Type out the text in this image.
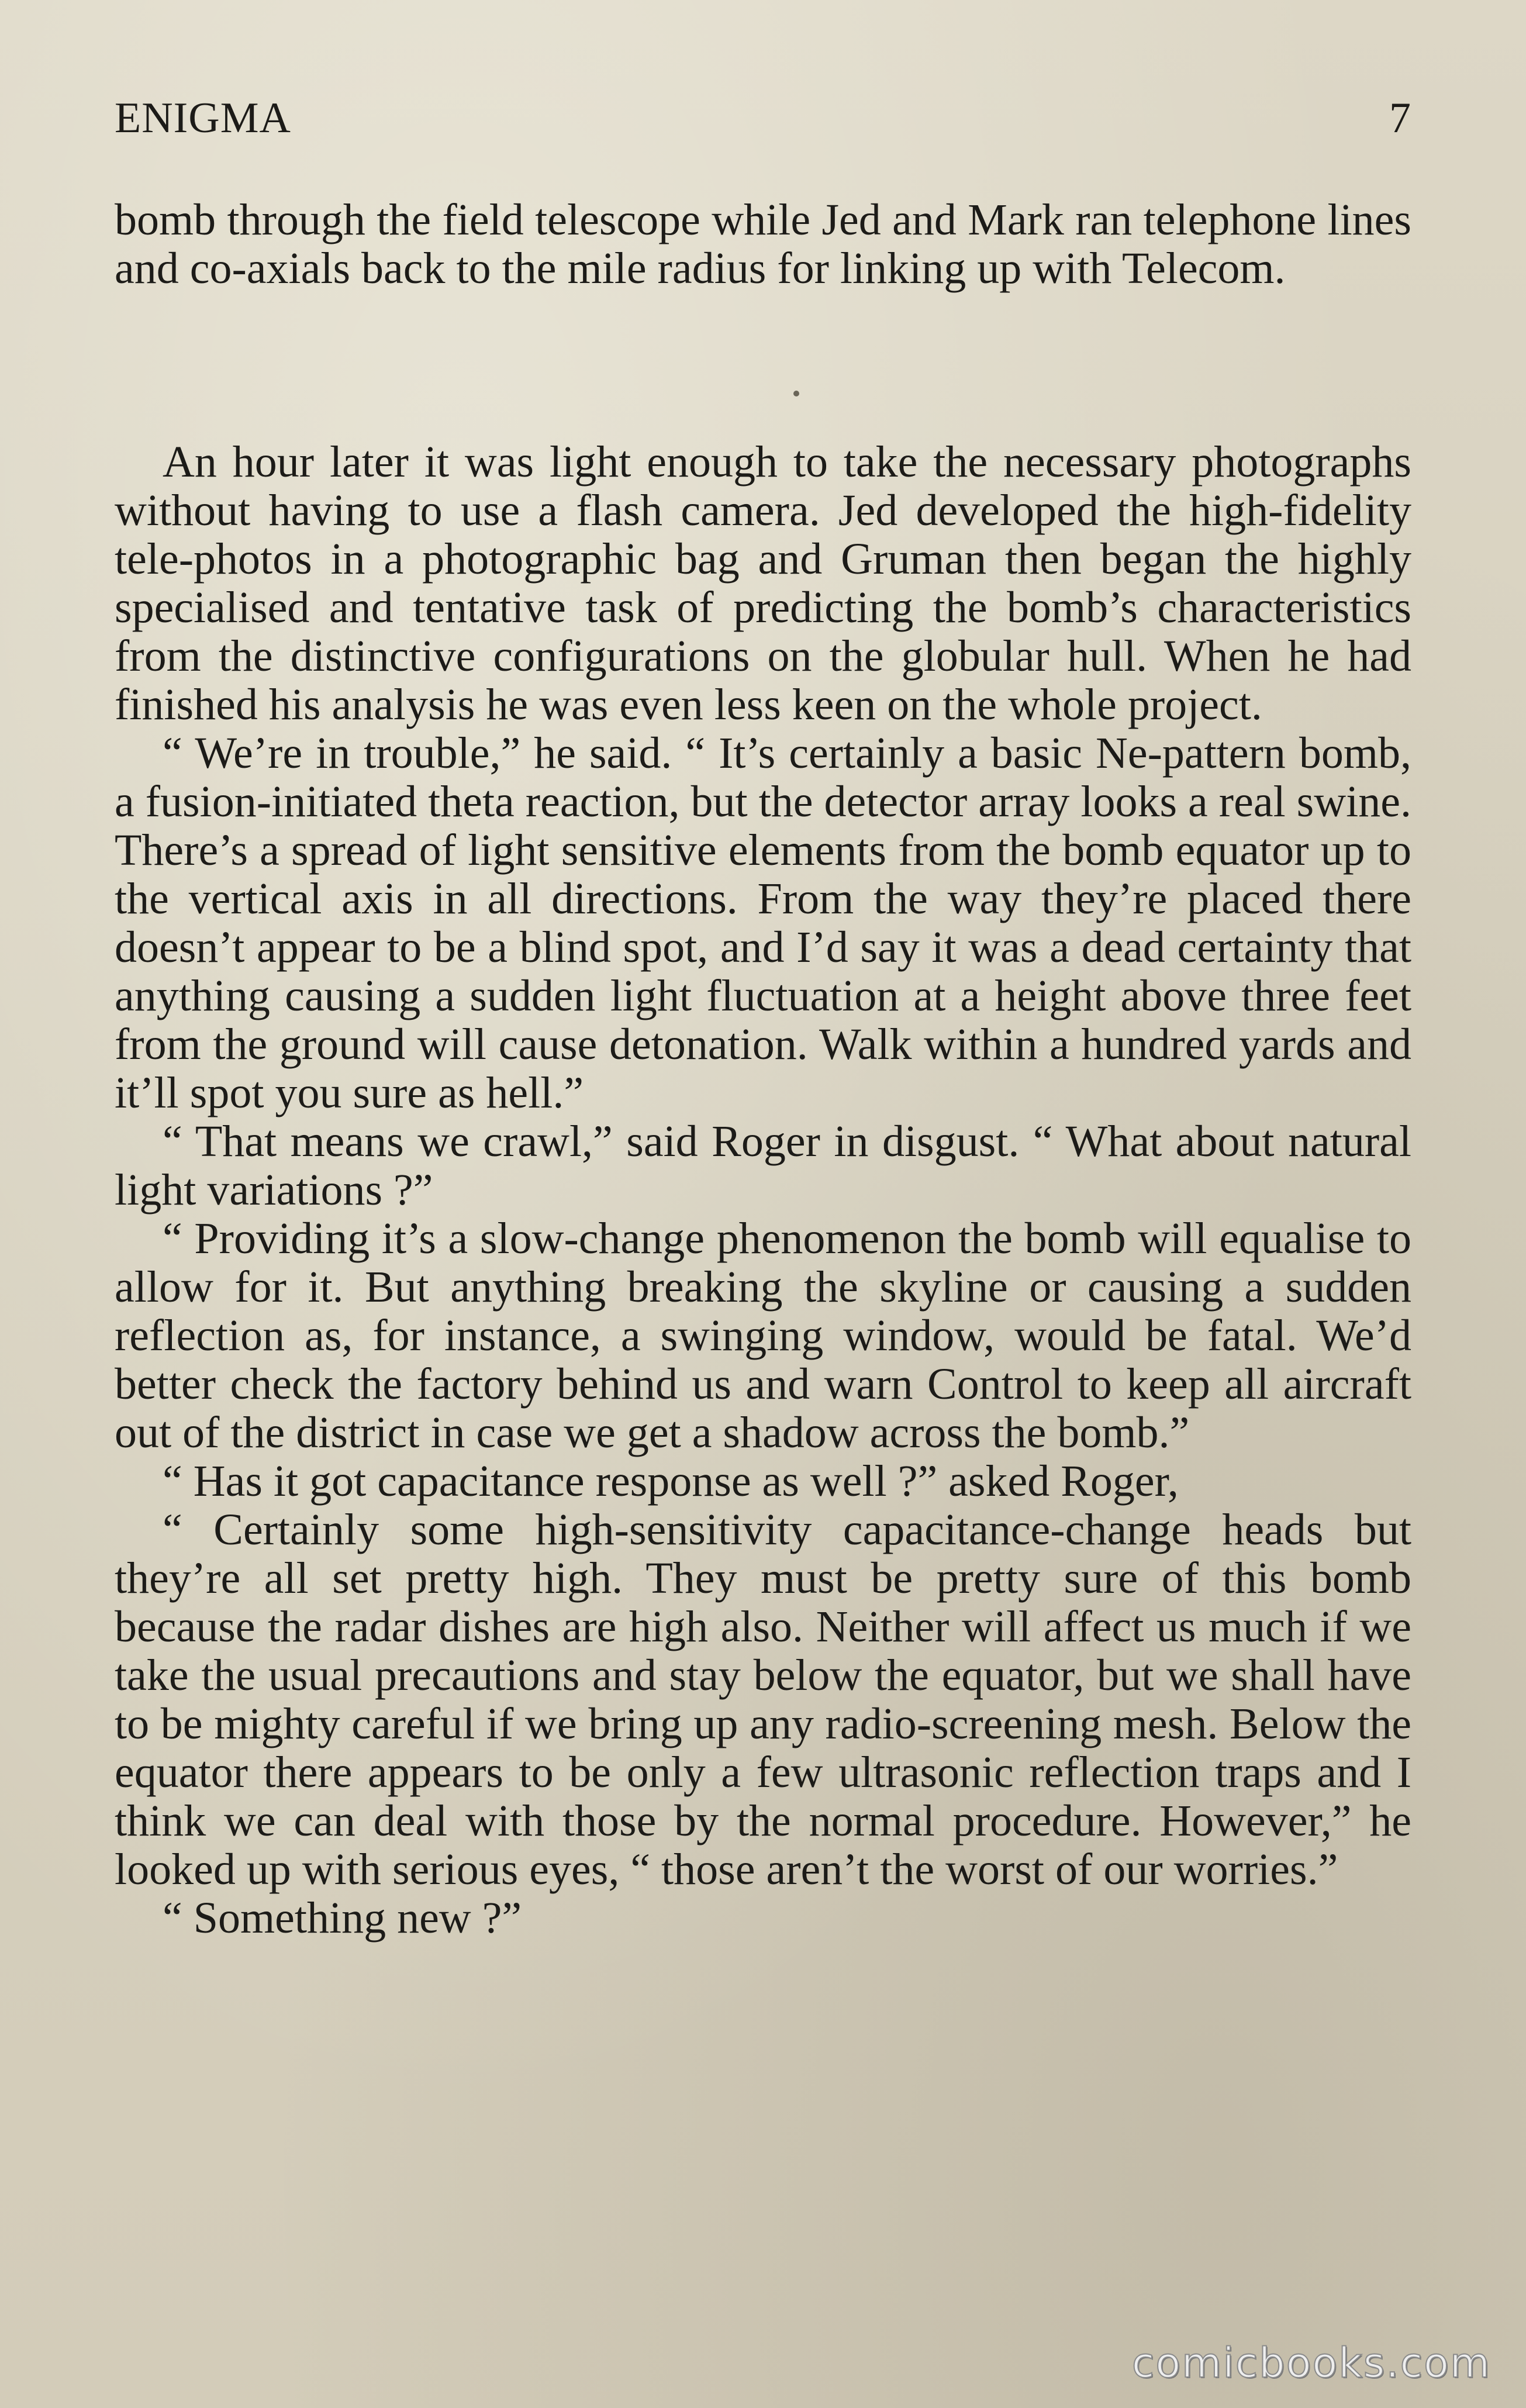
ENIGMA	7

bomb through the field telescope while Jed and Mark ran telephone lines and co-axials back to the mile radius for linking up with Telecom.

An hour later it was light enough to take the necessary photographs without having to use a flash camera. Jed developed the high-fidelity tele-photos in a photographic bag and Gruman then began the highly specialised and tentative task of predicting the bomb’s characteristics from the distinctive configurations on the globular hull. When he had finished his analysis he was even less keen on the whole project.

“ We’re in trouble,” he said. “ It’s certainly a basic Ne-pattern bomb, a fusion-initiated theta reaction, but the detector array looks a real swine. There’s a spread of light sensitive elements from the bomb equator up to the vertical axis in all directions. From the way they’re placed there doesn’t appear to be a blind spot, and I’d say it was a dead certainty that anything causing a sudden light fluctuation at a height above three feet from the ground will cause detonation. Walk within a hundred yards and it’ll spot you sure as hell.”

“ That means we crawl,” said Roger in disgust. “ What about natural light variations ?”

“ Providing it’s a slow-change phenomenon the bomb will equalise to allow for it. But anything breaking the skyline or causing a sudden reflection as, for instance, a swinging window, would be fatal. We’d better check the factory behind us and warn Control to keep all aircraft out of the district in case we get a shadow across the bomb.”

“ Has it got capacitance response as well ?” asked Roger,

“ Certainly some high-sensitivity capacitance-change heads but they’re all set pretty high. They must be pretty sure of this bomb because the radar dishes are high also. Neither will affect us much if we take the usual precautions and stay below the equator, but we shall have to be mighty careful if we bring up any radio-screening mesh. Below the equator there appears to be only a few ultrasonic reflection traps and I think we can deal with those by the normal procedure. However,” he looked up with serious eyes, “ those aren’t the worst of our worries.”

“ Something new ?”

comicbooks.com
